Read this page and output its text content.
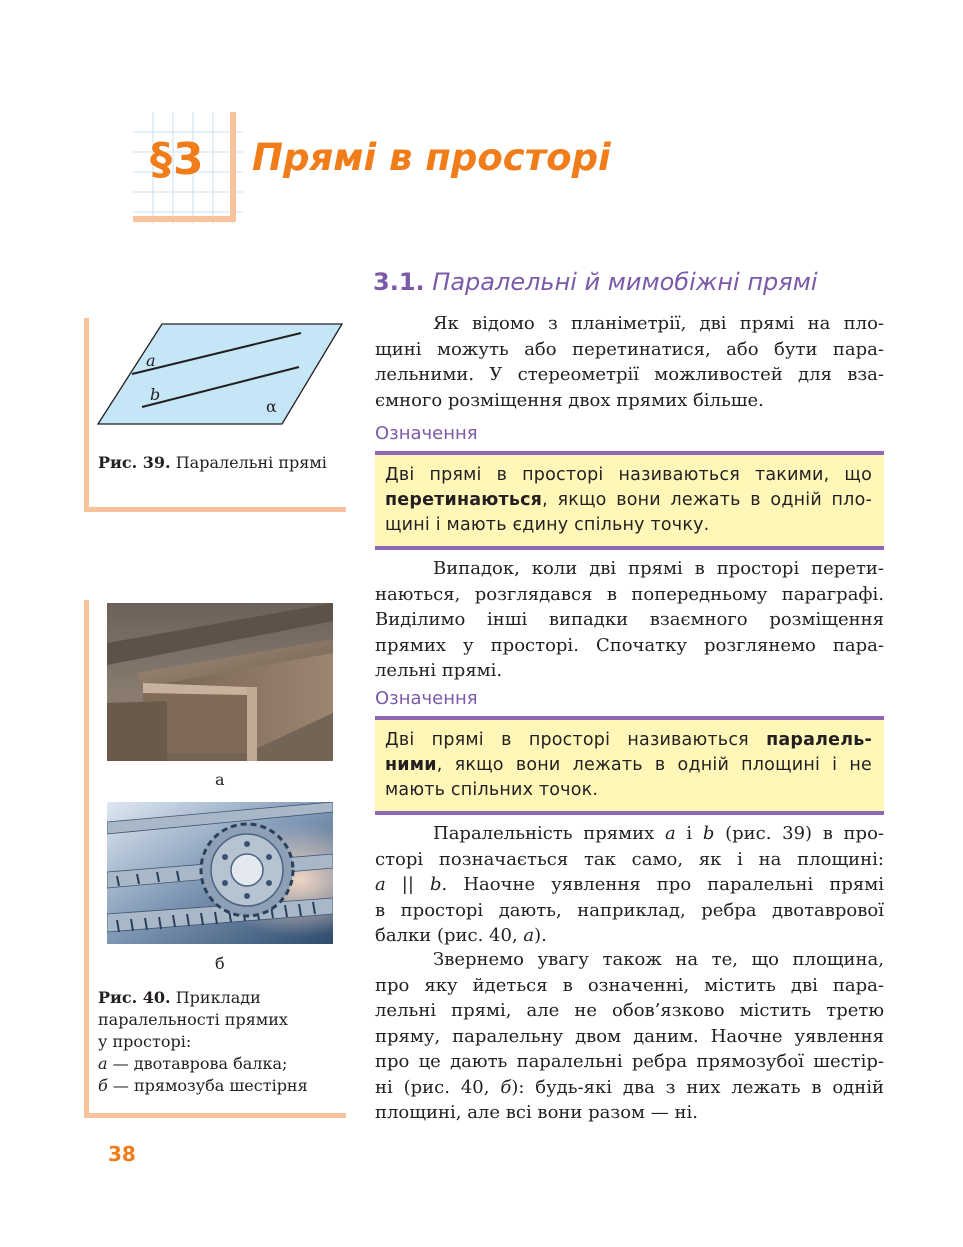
§3 Прямі в просторі
3.1. Паралельні й мимобіжні прямі
Як відомо з планіметрії, дві прямі на пло-
щині можуть або перетинатися, або бути пара-
лельними. У стереометрії можливостей для вза-
ємного розміщення двох прямих більше.
Означення
Дві прямі в просторі називаються такими, що
перетинаються, якщо вони лежать в одній пло-
щині і мають єдину спільну точку.
Випадок, коли дві прямі в просторі перети-
наються, розглядався в попередньому параграфі.
Виділимо інші випадки взаємного розміщення
прямих у просторі. Спочатку розглянемо пара-
лельні прямі.
Означення
Дві прямі в просторі називаються паралель-
ними, якщо вони лежать в одній площині і не
мають спільних точок.
Паралельність прямих a і b (рис. 39) в про-
сторі позначається так само, як і на площині:
a || b. Наочне уявлення про паралельні прямі
в просторі дають, наприклад, ребра двотаврової
балки (рис. 40, а).
Звернемо увагу також на те, що площина,
про яку йдеться в означенні, містить дві пара-
лельні прямі, але не обов’язково містить третю
пряму, паралельну двом даним. Наочне уявлення
про це дають паралельні ребра прямозубої шестір-
ні (рис. 40, б): будь-які два з них лежать в одній
площині, але всі вони разом — ні.
a
b
α
Рис. 39. Паралельні прямі
а
б
Рис. 40. Приклади
паралельності прямих
у просторі:
а — двотаврова балка;
б — прямозуба шестірня
38
